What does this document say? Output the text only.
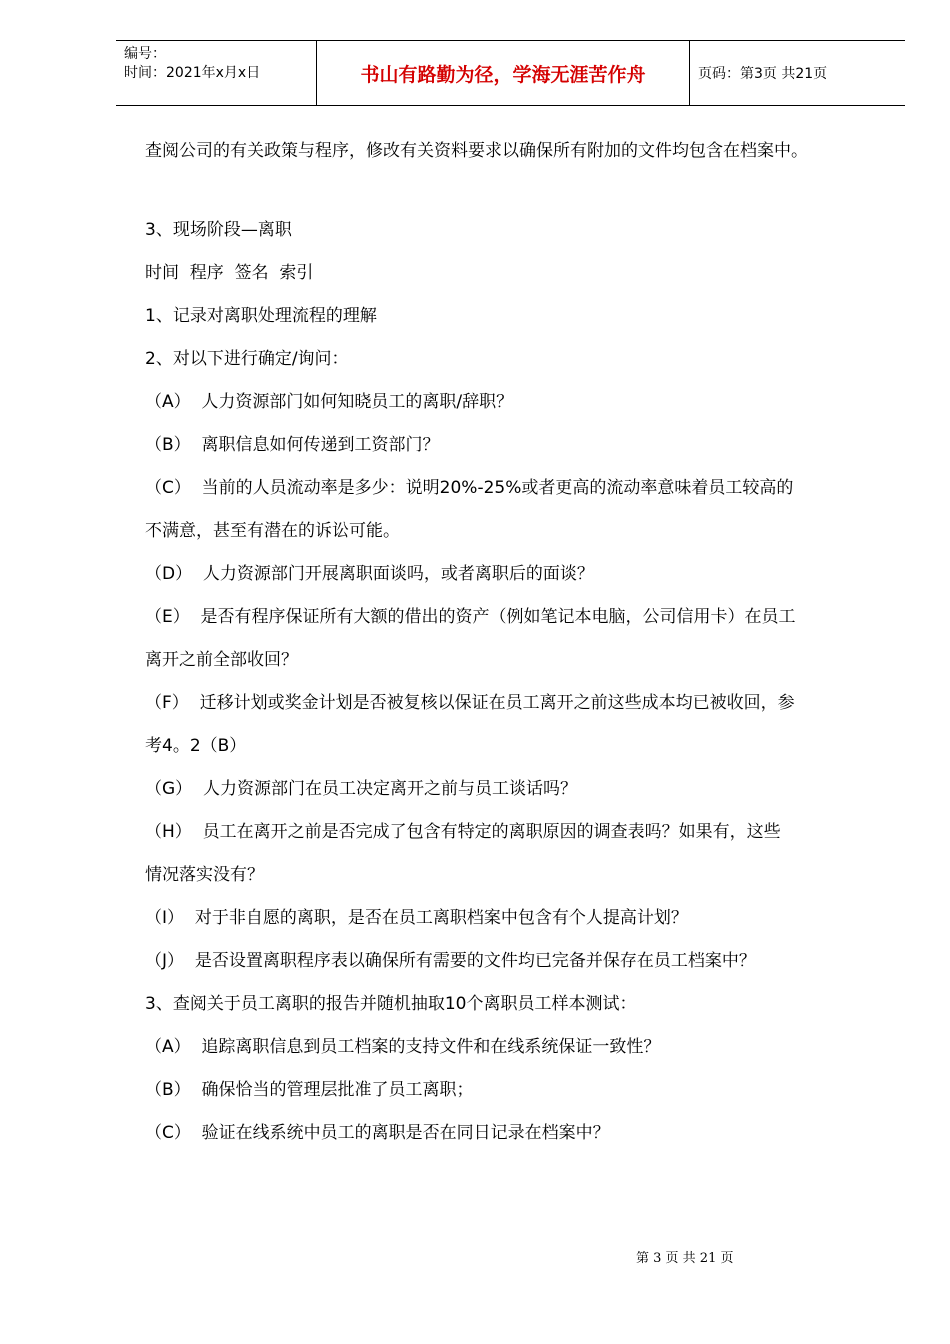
编号：
时间：2021年x月x日	书山有路勤为径，学海无涯苦作舟	页码：第3页 共21页

查阅公司的有关政策与程序，修改有关资料要求以确保所有附加的文件均包含在档案中。

3、现场阶段—离职

时间  程序  签名  索引

1、记录对离职处理流程的理解

2、对以下进行确定/询问：

（A）  人力资源部门如何知晓员工的离职/辞职？

（B）  离职信息如何传递到工资部门？

（C）  当前的人员流动率是多少：说明20%-25%或者更高的流动率意味着员工较高的

不满意，甚至有潜在的诉讼可能。

（D）  人力资源部门开展离职面谈吗，或者离职后的面谈？

（E）  是否有程序保证所有大额的借出的资产（例如笔记本电脑，公司信用卡）在员工

离开之前全部收回？

（F）  迁移计划或奖金计划是否被复核以保证在员工离开之前这些成本均已被收回，参

考4。2（B）

（G）  人力资源部门在员工决定离开之前与员工谈话吗？

（H）  员工在离开之前是否完成了包含有特定的离职原因的调查表吗？如果有，这些

情况落实没有？

（I）  对于非自愿的离职，是否在员工离职档案中包含有个人提高计划？

（J）  是否设置离职程序表以确保所有需要的文件均已完备并保存在员工档案中？

3、查阅关于员工离职的报告并随机抽取10个离职员工样本测试：

（A）  追踪离职信息到员工档案的支持文件和在线系统保证一致性？

（B）  确保恰当的管理层批准了员工离职；

（C）  验证在线系统中员工的离职是否在同日记录在档案中？

第 3 页 共 21 页
